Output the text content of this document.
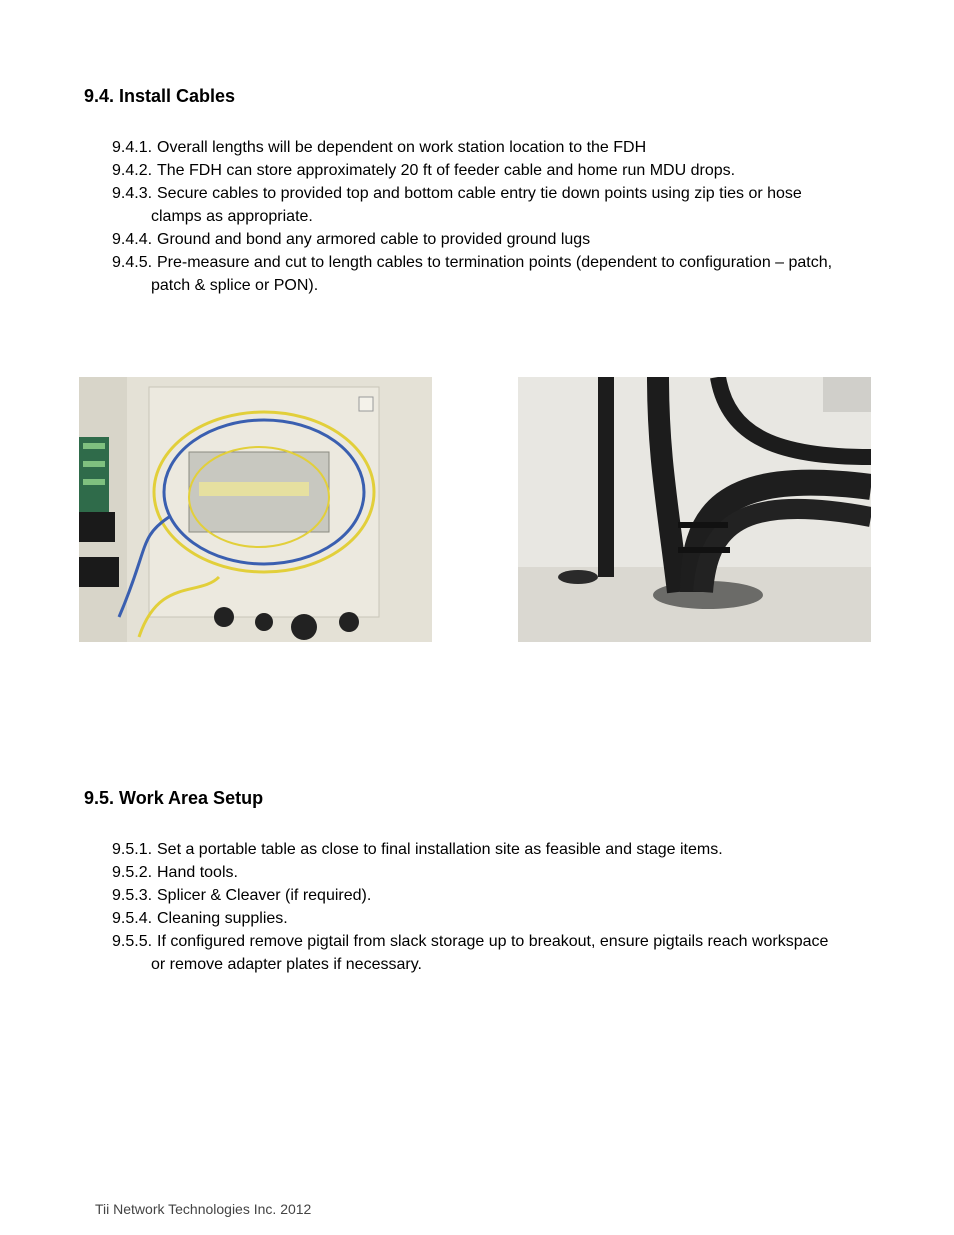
9.4. Install Cables
9.4.1. Overall lengths will be dependent on work station location to the FDH
9.4.2. The FDH can store approximately 20 ft of feeder cable and home run MDU drops.
9.4.3. Secure cables to provided top and bottom cable entry tie down points using zip ties or hose
clamps as appropriate.
9.4.4. Ground and bond any armored cable to provided ground lugs
9.4.5. Pre-measure and cut to length cables to termination points (dependent to configuration – patch,
patch & splice or PON).
9.5. Work Area Setup
9.5.1. Set a portable table as close to final installation site as feasible and stage items.
9.5.2. Hand tools.
9.5.3. Splicer & Cleaver (if required).
9.5.4. Cleaning supplies.
9.5.5. If configured remove pigtail from slack storage up to breakout, ensure pigtails reach workspace
or remove adapter plates if necessary.
Tii Network Technologies Inc. 2012
